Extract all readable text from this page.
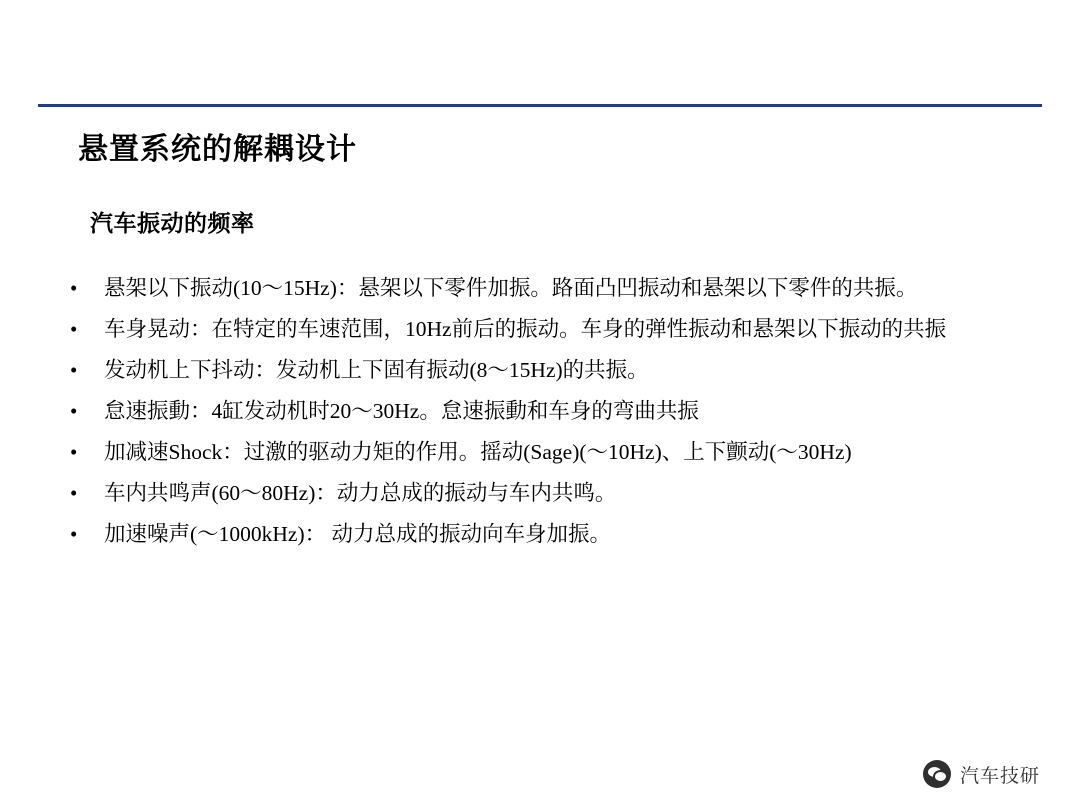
悬置系统的解耦设计
汽车振动的频率
•	悬架以下振动(10～15Hz)：悬架以下零件加振。路面凸凹振动和悬架以下零件的共振。
•	车身晃动：在特定的车速范围，10Hz前后的振动。车身的弹性振动和悬架以下振动的共振
•	发动机上下抖动：发动机上下固有振动(8～15Hz)的共振。
•	怠速振動：4缸发动机时20～30Hz。怠速振動和车身的弯曲共振
•	加减速Shock：过激的驱动力矩的作用。摇动(Sage)(～10Hz)、上下颤动(～30Hz)
•	车内共鸣声(60～80Hz)：动力总成的振动与车内共鸣。
•	加速噪声(～1000kHz)： 动力总成的振动向车身加振。
汽车技研
